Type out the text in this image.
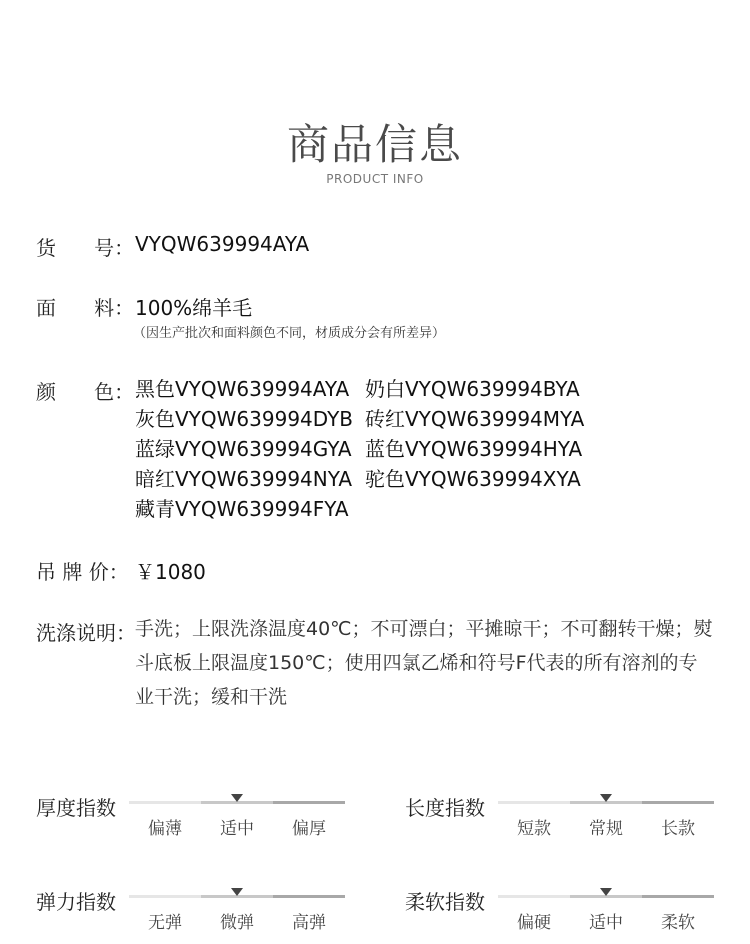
商品信息
PRODUCT INFO
货      号： VYQW639994AYA
面      料： 100%绵羊毛
（因生产批次和面料颜色不同，材质成分会有所差异）
颜      色： 黑色VYQW639994AYA 奶白VYQW639994BYA
灰色VYQW639994DYB 砖红VYQW639994MYA
蓝绿VYQW639994GYA 蓝色VYQW639994HYA
暗红VYQW639994NYA 驼色VYQW639994XYA
藏青VYQW639994FYA
吊 牌 价： ￥1080
洗涤说明： 手洗；上限洗涤温度40℃；不可漂白；平摊晾干；不可翻转干燥；熨斗底板上限温度150℃；使用四氯乙烯和符号F代表的所有溶剂的专业干洗；缓和干洗
厚度指数
偏薄	适中	偏厚
长度指数
短款	常规	长款
弹力指数
无弹	微弹	高弹
柔软指数
偏硬	适中	柔软
